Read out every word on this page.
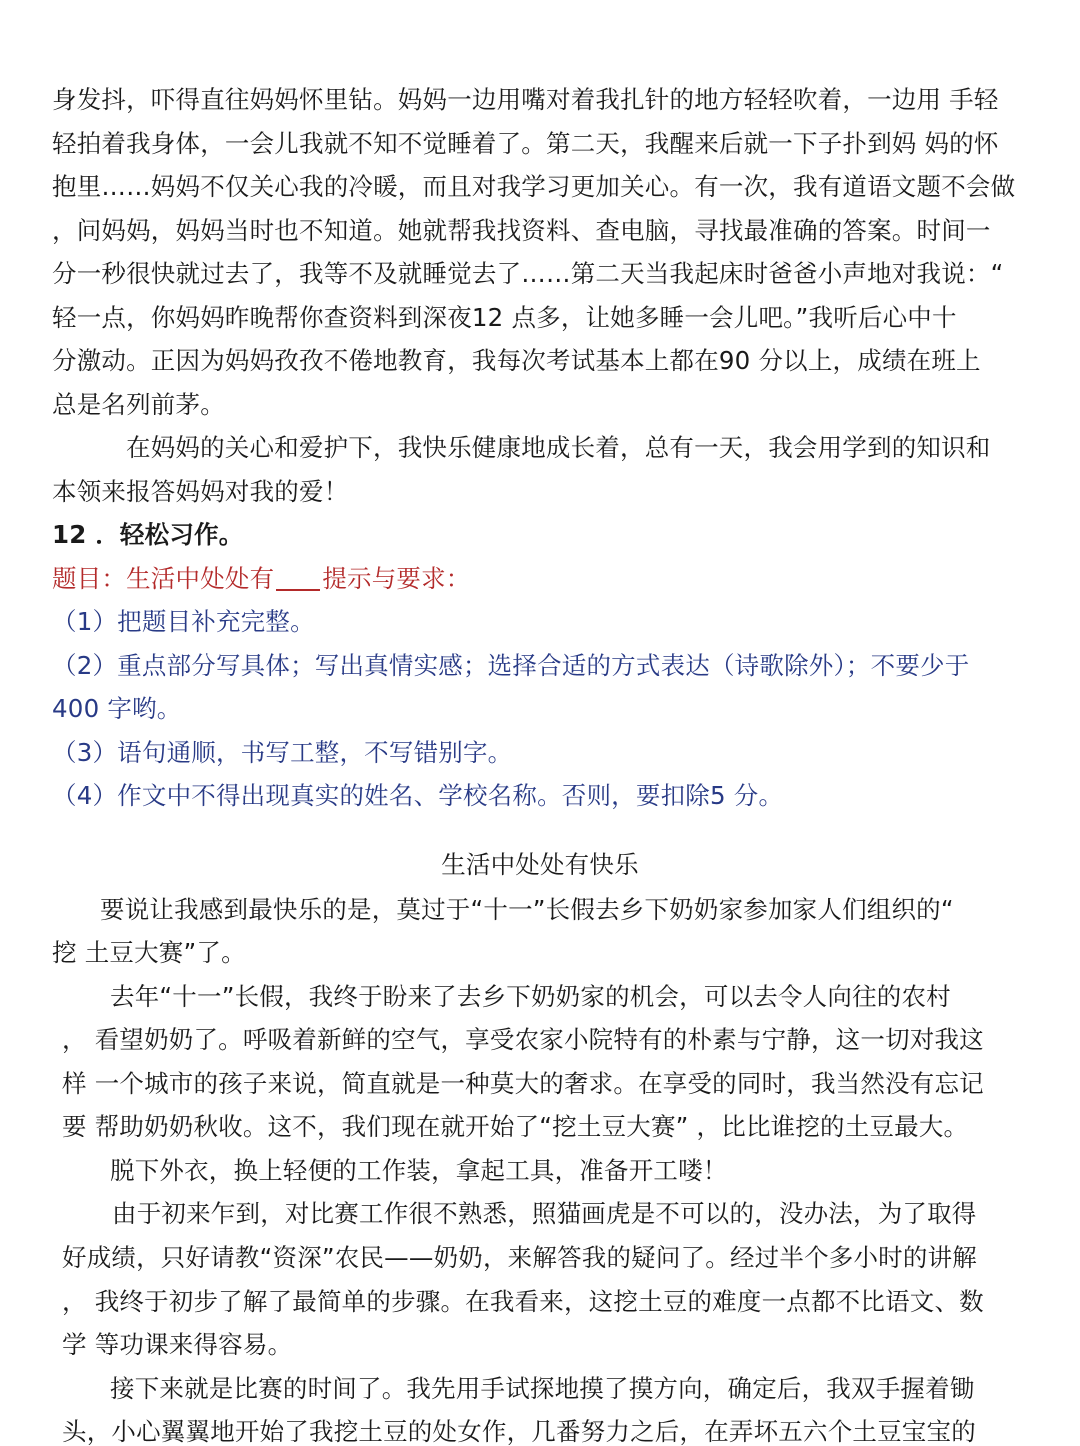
身发抖，吓得直往妈妈怀里钻。妈妈一边用嘴对着我扎针的地方轻轻吹着，一边用 手轻
轻拍着我身体，一会儿我就不知不觉睡着了。第二天，我醒来后就一下子扑到妈 妈的怀
抱里……妈妈不仅关心我的冷暖，而且对我学习更加关心。有一次，我有道语文题不会做
，问妈妈，妈妈当时也不知道。她就帮我找资料、查电脑，寻找最准确的答案。时间一
分一秒很快就过去了，我等不及就睡觉去了……第二天当我起床时爸爸小声地对我说：“
轻一点，你妈妈昨晚帮你查资料到深夜12 点多，让她多睡一会儿吧。”我听后心中十
分激动。正因为妈妈孜孜不倦地教育，我每次考试基本上都在90 分以上，成绩在班上
总是名列前茅。
在妈妈的关心和爱护下，我快乐健康地成长着，总有一天，我会用学到的知识和
本领来报答妈妈对我的爱！
12 ．轻松习作。
题目：生活中处处有 提示与要求：
（1）把题目补充完整。
（2）重点部分写具体；写出真情实感；选择合适的方式表达（诗歌除外）；不要少于
400 字哟。
（3）语句通顺，书写工整，不写错别字。
（4）作文中不得出现真实的姓名、学校名称。否则，要扣除5 分。
生活中处处有快乐
要说让我感到最快乐的是，莫过于“十一”长假去乡下奶奶家参加家人们组织的“
挖 土豆大赛”了。
去年“十一”长假，我终于盼来了去乡下奶奶家的机会，可以去令人向往的农村
， 看望奶奶了。呼吸着新鲜的空气，享受农家小院特有的朴素与宁静，这一切对我这
样 一个城市的孩子来说，简直就是一种莫大的奢求。在享受的同时，我当然没有忘记
要 帮助奶奶秋收。这不，我们现在就开始了“挖土豆大赛” ，比比谁挖的土豆最大。
脱下外衣，换上轻便的工作装，拿起工具，准备开工喽！
由于初来乍到，对比赛工作很不熟悉，照猫画虎是不可以的，没办法，为了取得
好成绩，只好请教“资深”农民——奶奶，来解答我的疑问了。经过半个多小时的讲解
， 我终于初步了解了最简单的步骤。在我看来，这挖土豆的难度一点都不比语文、数
学 等功课来得容易。
接下来就是比赛的时间了。我先用手试探地摸了摸方向，确定后，我双手握着锄
头，小心翼翼地开始了我挖土豆的处女作，几番努力之后，在弄坏五六个土豆宝宝的
